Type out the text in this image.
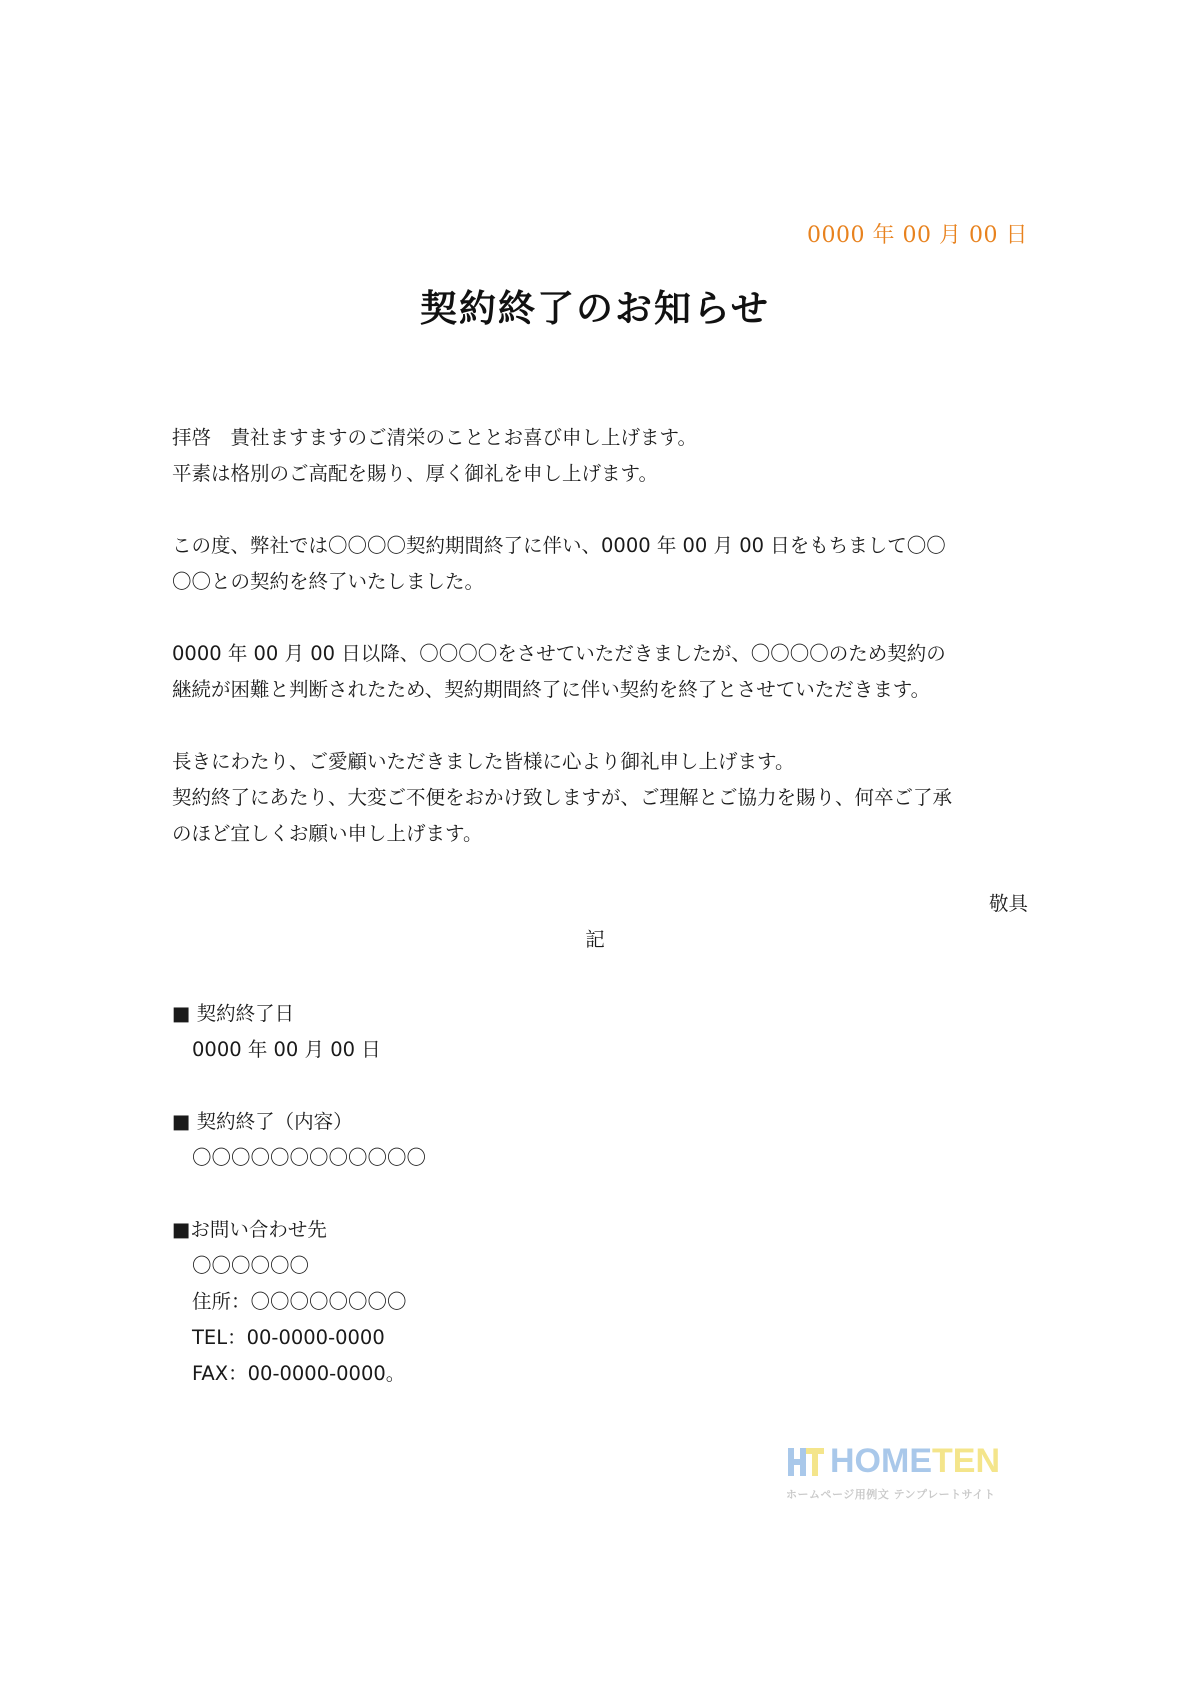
0000 年 00 月 00 日
契約終了のお知らせ
拝啓　貴社ますますのご清栄のこととお喜び申し上げます。
平素は格別のご高配を賜り、厚く御礼を申し上げます。
この度、弊社では〇〇〇〇契約期間終了に伴い、0000 年 00 月 00 日をもちまして〇〇
〇〇との契約を終了いたしました。
0000 年 00 月 00 日以降、〇〇〇〇をさせていただきましたが、〇〇〇〇のため契約の
継続が困難と判断されたため、契約期間終了に伴い契約を終了とさせていただきます。
長きにわたり、ご愛顧いただきました皆様に心より御礼申し上げます。
契約終了にあたり、大変ご不便をおかけ致しますが、ご理解とご協力を賜り、何卒ご了承
のほど宜しくお願い申し上げます。
敬具
記
■ 契約終了日
0000 年 00 月 00 日
■ 契約終了（内容）
〇〇〇〇〇〇〇〇〇〇〇〇
■お問い合わせ先
〇〇〇〇〇〇
住所：〇〇〇〇〇〇〇〇
TEL：00-0000-0000
FAX：00-0000-0000。
HOMETEN
ホームページ用例文 テンプレートサイト
